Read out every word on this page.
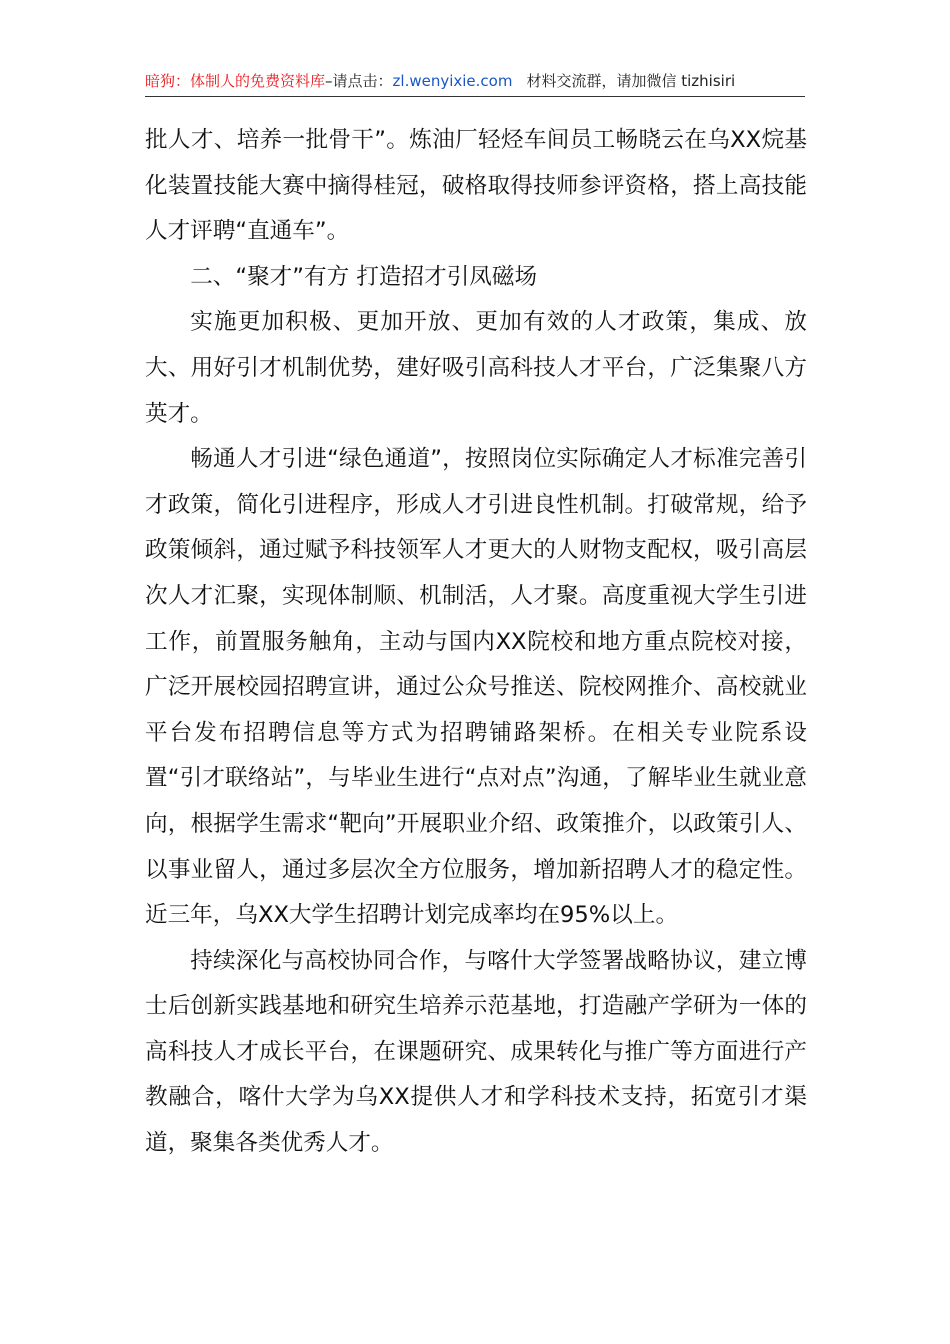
暗狗：体制人的免费资料库–请点击：zl.wenyixie.com 材料交流群，请加微信 tizhisiri

批人才、培养一批骨干”。炼油厂轻烃车间员工畅晓云在乌XX烷基化装置技能大赛中摘得桂冠，破格取得技师参评资格，搭上高技能人才评聘“直通车”。

二、“聚才”有方 打造招才引凤磁场

实施更加积极、更加开放、更加有效的人才政策，集成、放大、用好引才机制优势，建好吸引高科技人才平台，广泛集聚八方英才。

畅通人才引进“绿色通道”，按照岗位实际确定人才标准完善引才政策，简化引进程序，形成人才引进良性机制。打破常规，给予政策倾斜，通过赋予科技领军人才更大的人财物支配权，吸引高层次人才汇聚，实现体制顺、机制活，人才聚。高度重视大学生引进工作，前置服务触角，主动与国内XX院校和地方重点院校对接，广泛开展校园招聘宣讲，通过公众号推送、院校网推介、高校就业平台发布招聘信息等方式为招聘铺路架桥。在相关专业院系设置“引才联络站”，与毕业生进行“点对点”沟通，了解毕业生就业意向，根据学生需求“靶向”开展职业介绍、政策推介，以政策引人、以事业留人，通过多层次全方位服务，增加新招聘人才的稳定性。近三年，乌XX大学生招聘计划完成率均在95%以上。

持续深化与高校协同合作，与喀什大学签署战略协议，建立博士后创新实践基地和研究生培养示范基地，打造融产学研为一体的高科技人才成长平台，在课题研究、成果转化与推广等方面进行产教融合，喀什大学为乌XX提供人才和学科技术支持，拓宽引才渠道，聚集各类优秀人才。
